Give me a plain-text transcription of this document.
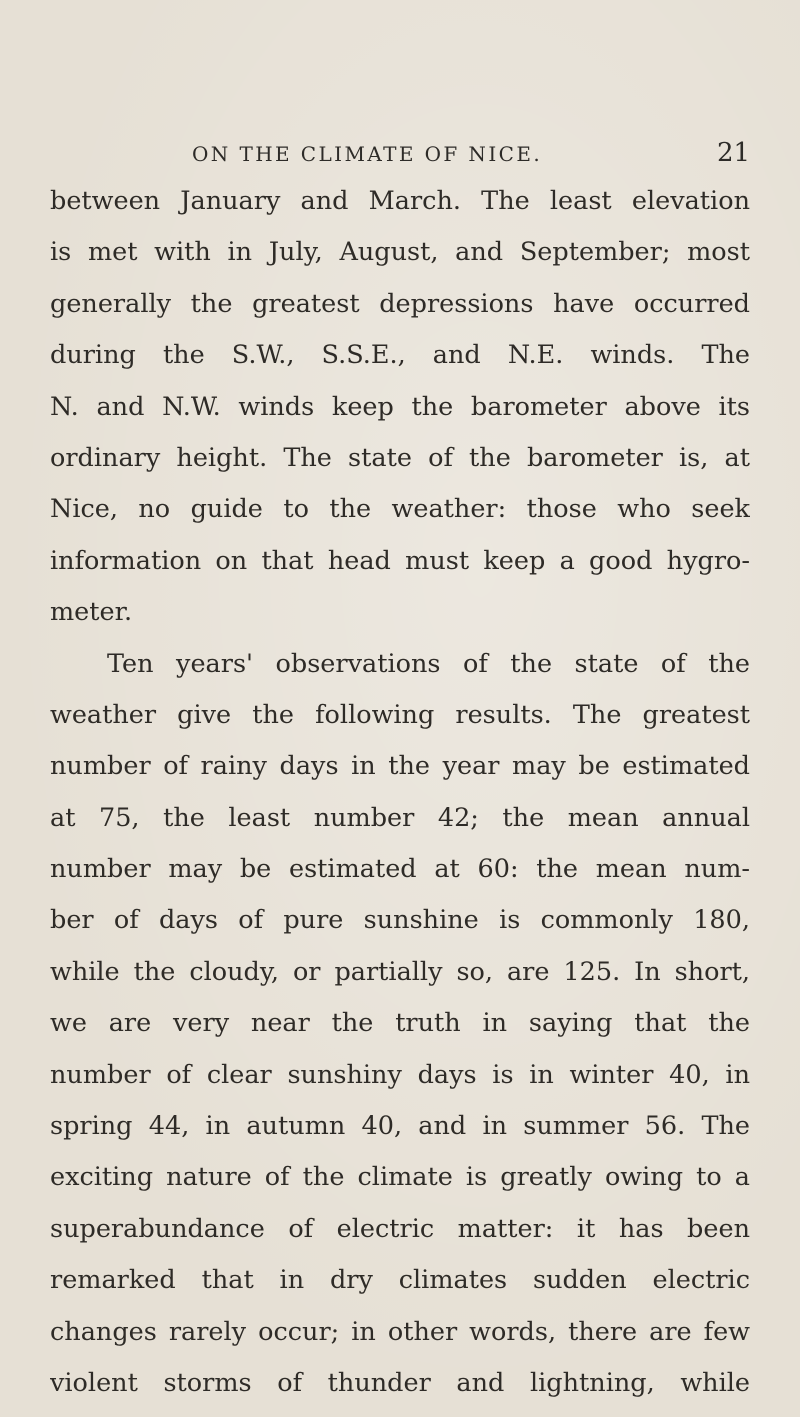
ON THE CLIMATE OF NICE.	21
between January and March. The least elevation
is met with in July, August, and September; most
generally the greatest depressions have occurred
during the S.W., S.S.E., and N.E. winds. The
N. and N.W. winds keep the barometer above its
ordinary height. The state of the barometer is, at
Nice, no guide to the weather: those who seek
information on that head must keep a good hygro-
meter.
Ten years' observations of the state of the
weather give the following results. The greatest
number of rainy days in the year may be estimated
at 75, the least number 42; the mean annual
number may be estimated at 60: the mean num-
ber of days of pure sunshine is commonly 180,
while the cloudy, or partially so, are 125. In short,
we are very near the truth in saying that the
number of clear sunshiny days is in winter 40, in
spring 44, in autumn 40, and in summer 56. The
exciting nature of the climate is greatly owing to a
superabundance of electric matter: it has been
remarked that in dry climates sudden electric
changes rarely occur; in other words, there are few
violent storms of thunder and lightning, while
